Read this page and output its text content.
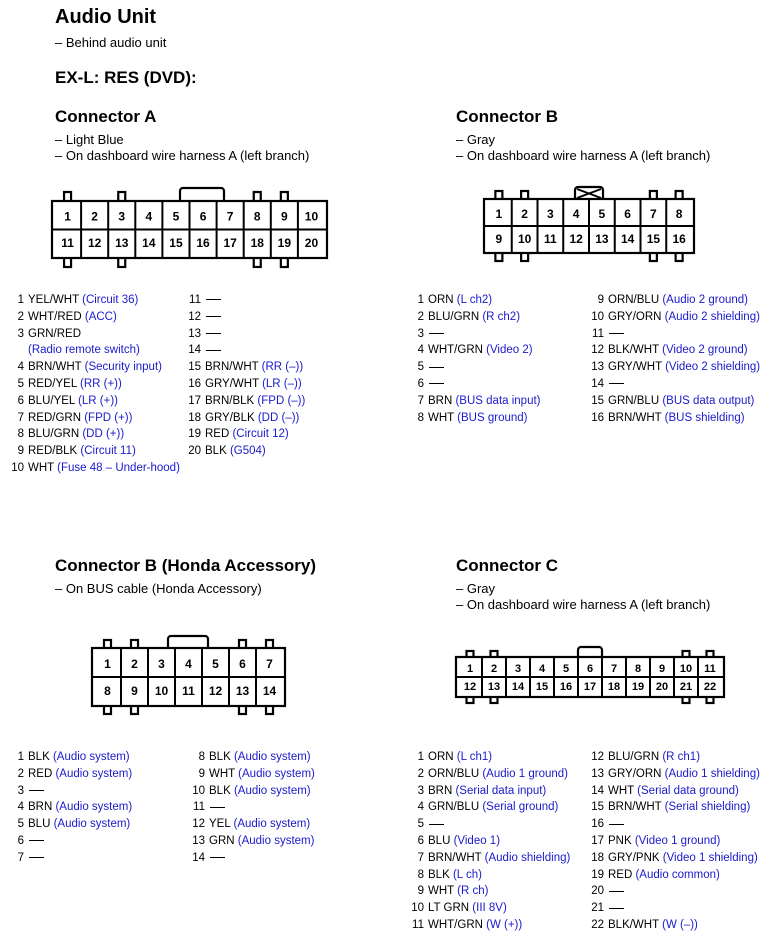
Audio Unit
– Behind audio unit
EX-L: RES (DVD):
Connector A
– Light Blue
– On dashboard wire harness A (left branch)
1 2 3 4 5 6 7 8 9 10
11 12 13 14 15 16 17 18 19 20
1 YEL/WHT (Circuit 36)
2 WHT/RED (ACC)
3 GRN/RED
(Radio remote switch)
4 BRN/WHT (Security input)
5 RED/YEL (RR (+))
6 BLU/YEL (LR (+))
7 RED/GRN (FPD (+))
8 BLU/GRN (DD (+))
9 RED/BLK (Circuit 11)
10 WHT (Fuse 48 – Under-hood)
11
12
13
14
15 BRN/WHT (RR (–))
16 GRY/WHT (LR (–))
17 BRN/BLK (FPD (–))
18 GRY/BLK (DD (–))
19 RED (Circuit 12)
20 BLK (G504)
Connector B
– Gray
– On dashboard wire harness A (left branch)
1 2 3 4 5 6 7 8
9 10 11 12 13 14 15 16
1 ORN (L ch2)
2 BLU/GRN (R ch2)
3
4 WHT/GRN (Video 2)
5
6
7 BRN (BUS data input)
8 WHT (BUS ground)
9 ORN/BLU (Audio 2 ground)
10 GRY/ORN (Audio 2 shielding)
11
12 BLK/WHT (Video 2 ground)
13 GRY/WHT (Video 2 shielding)
14
15 GRN/BLU (BUS data output)
16 BRN/WHT (BUS shielding)
Connector B (Honda Accessory)
– On BUS cable (Honda Accessory)
1 2 3 4 5 6 7
8 9 10 11 12 13 14
1 BLK (Audio system)
2 RED (Audio system)
3
4 BRN (Audio system)
5 BLU (Audio system)
6
7
8 BLK (Audio system)
9 WHT (Audio system)
10 BLK (Audio system)
11
12 YEL (Audio system)
13 GRN (Audio system)
14
Connector C
– Gray
– On dashboard wire harness A (left branch)
1 2 3 4 5 6 7 8 9 10 11
12 13 14 15 16 17 18 19 20 21 22
1 ORN (L ch1)
2 ORN/BLU (Audio 1 ground)
3 BRN (Serial data input)
4 GRN/BLU (Serial ground)
5
6 BLU (Video 1)
7 BRN/WHT (Audio shielding)
8 BLK (L ch)
9 WHT (R ch)
10 LT GRN (III 8V)
11 WHT/GRN (W (+))
12 BLU/GRN (R ch1)
13 GRY/ORN (Audio 1 shielding)
14 WHT (Serial data ground)
15 BRN/WHT (Serial shielding)
16
17 PNK (Video 1 ground)
18 GRY/PNK (Video 1 shielding)
19 RED (Audio common)
20
21
22 BLK/WHT (W (–))
